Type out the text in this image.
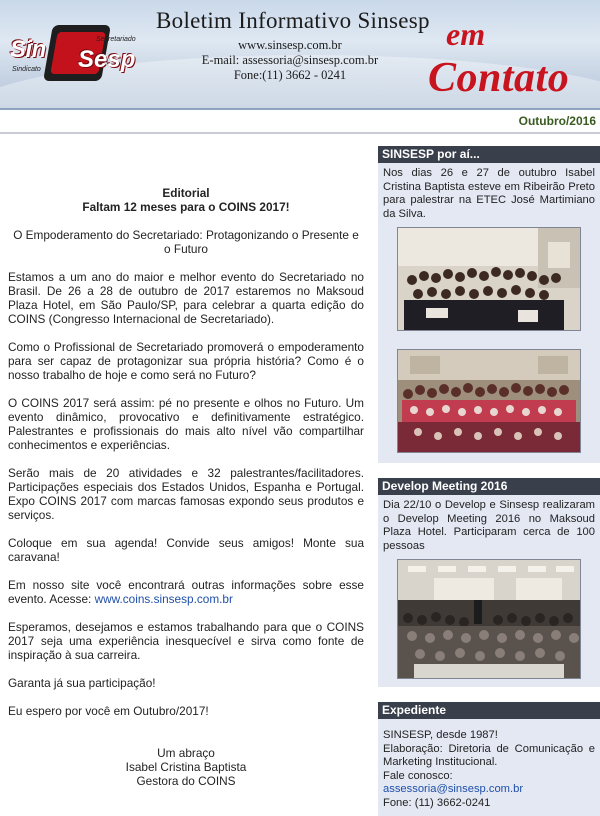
Sin Sesp
Secretariado
Sindicato
Boletim Informativo Sinsesp
www.sinsesp.com.br
E-mail: assessoria@sinsesp.com.br
Fone:(11) 3662 - 0241
em
Contato
Outubro/2016
Editorial
Faltam 12 meses para o COINS 2017!
O Empoderamento do Secretariado: Protagonizando o Presente e o Futuro

Estamos a um ano do maior e melhor evento do Secretariado no Brasil. De 26 a 28 de outubro de 2017 estaremos no Maksoud Plaza Hotel, em São Paulo/SP, para celebrar a quarta edição do COINS (Congresso Internacional de Secretariado).

Como o Profissional de Secretariado promoverá o empoderamento para ser capaz de protagonizar sua própria história? Como é o nosso trabalho de hoje e como será no Futuro?

O COINS 2017 será assim: pé no presente e olhos no Futuro. Um evento dinâmico, provocativo e definitivamente estratégico. Palestrantes e profissionais do mais alto nível vão compartilhar conhecimentos e experiências.

Serão mais de 20 atividades e 32 palestrantes/facilitadores. Participações especiais dos Estados Unidos, Espanha e Portugal. Expo COINS 2017 com marcas famosas expondo seus produtos e serviços.

Coloque em sua agenda! Convide seus amigos! Monte sua caravana!

Em nosso site você encontrará outras informações sobre esse evento. Acesse: www.coins.sinsesp.com.br

Esperamos, desejamos e estamos trabalhando para que o COINS 2017 seja uma experiência inesquecível e sirva como fonte de inspiração à sua carreira.

Garanta já sua participação!

Eu espero por você em Outubro/2017!

Um abraço
Isabel Cristina Baptista
Gestora do COINS
SINSESP por aí...
Nos dias 26 e 27 de outubro Isabel Cristina Baptista esteve em Ribeirão Preto para palestrar na ETEC José Martimiano da Silva.
Develop Meeting 2016
Dia 22/10 o Develop e Sinsesp realizaram o Develop Meeting 2016 no Maksoud Plaza Hotel. Participaram cerca de 100 pessoas
Expediente
SINSESP, desde 1987!
Elaboração: Diretoria de Comunicação e Marketing Institucional.
Fale conosco: assessoria@sinsesp.com.br
Fone: (11) 3662-0241
